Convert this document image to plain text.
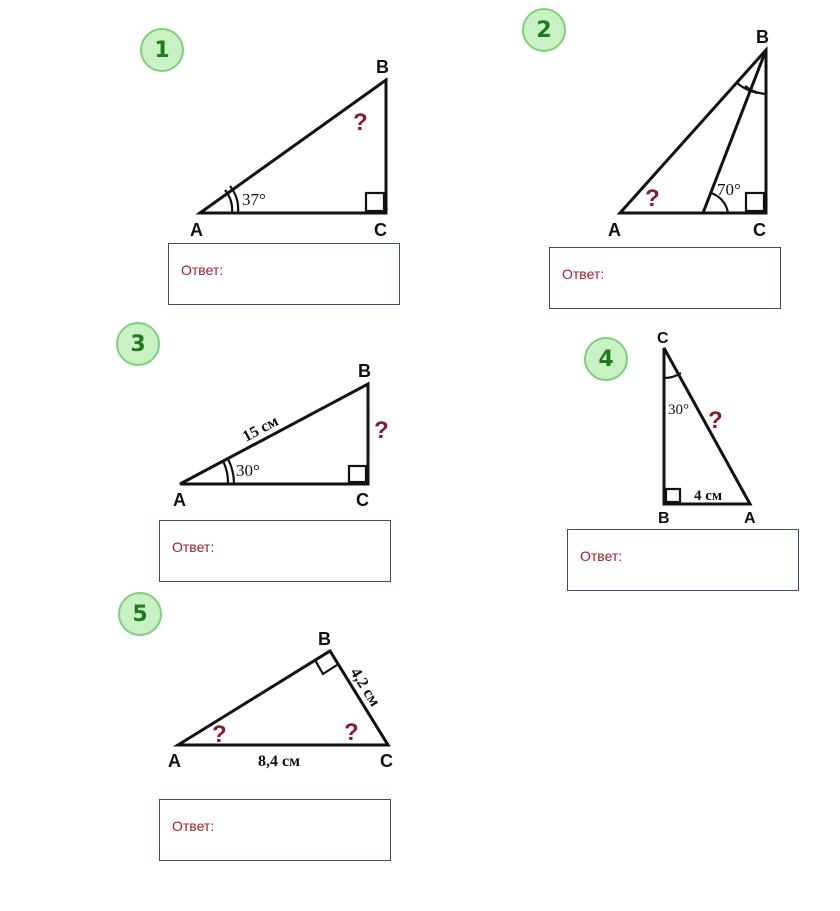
1
2
3
4
5
A
B
C
37°
?
A
B
C
70°
?
A
B
C
30°
15 см	?
C
B	A
30°
4 см
?
A
B
C
8,4 см
4,2 см
?	?
Ответ:	Ответ:
Ответ:
Ответ:
Ответ:
